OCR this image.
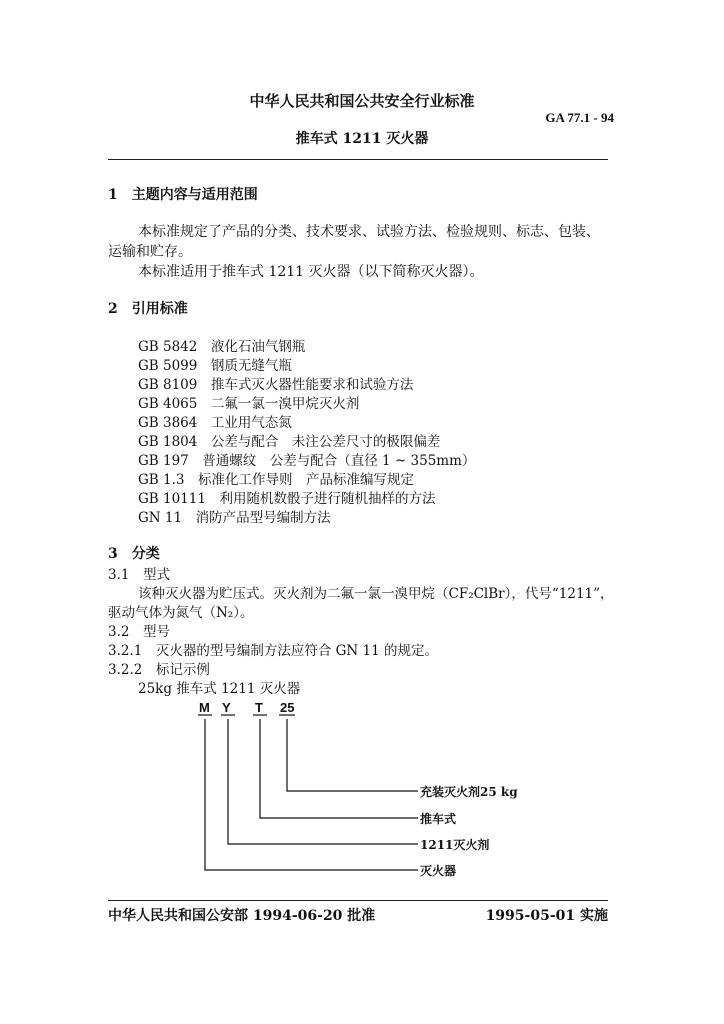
中华人民共和国公共安全行业标准
GA 77.1 - 94
推车式 1211 灭火器
1　主题内容与适用范围
本标准规定了产品的分类、技术要求、试验方法、检验规则、标志、包装、
运输和贮存。
本标准适用于推车式 1211 灭火器（以下简称灭火器）。
2　引用标准
GB 5842　液化石油气钢瓶
GB 5099　钢质无缝气瓶
GB 8109　推车式灭火器性能要求和试验方法
GB 4065　二氟一氯一溴甲烷灭火剂
GB 3864　工业用气态氮
GB 1804　公差与配合　未注公差尺寸的极限偏差
GB 197　普通螺纹　公差与配合（直径 1 ~ 355mm）
GB 1.3　标准化工作导则　产品标准编写规定
GB 10111　利用随机数骰子进行随机抽样的方法
GN 11　消防产品型号编制方法
3　分类
3.1　型式
该种灭火器为贮压式。灭火剂为二氟一氯一溴甲烷（CF₂ClBr），代号“1211”，
驱动气体为氮气（N₂）。
3.2　型号
3.2.1　灭火器的型号编制方法应符合 GN 11 的规定。
3.2.2　标记示例
25kg 推车式 1211 灭火器
M Y T 25
充装灭火剂25 kg
推车式
1211灭火剂
灭火器
中华人民共和国公安部 1994-06-20 批准	1995-05-01 实施
